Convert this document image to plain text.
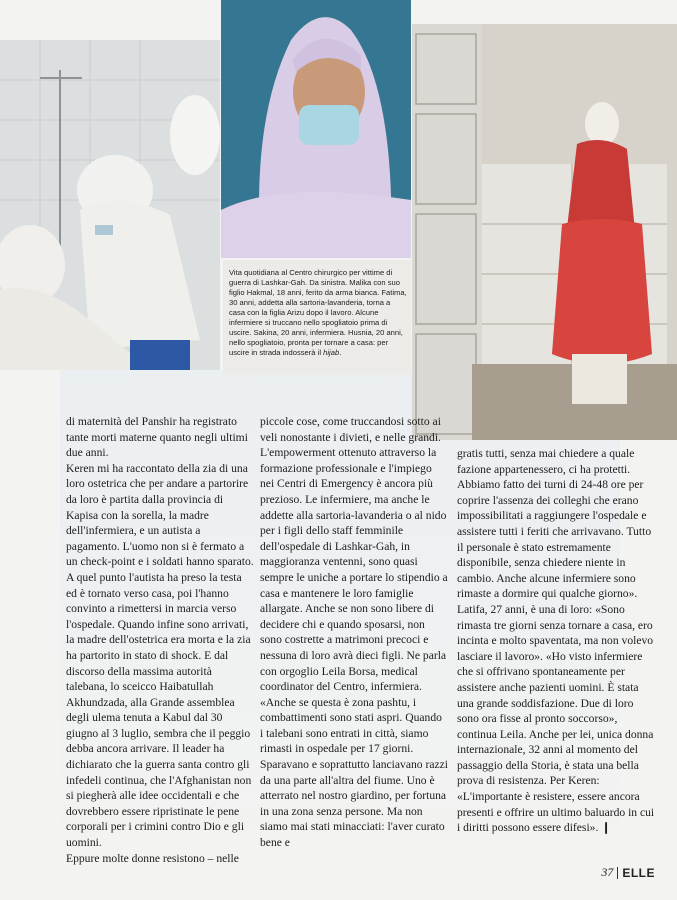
Vita quotidiana al Centro chirurgico per vittime di guerra di Lashkar-Gah. Da sinistra. Malika con suo figlio Hakmal, 18 anni, ferito da arma bianca. Fatima, 30 anni, addetta alla sartoria-lavanderia, torna a casa con la figlia Arizu dopo il lavoro. Alcune infermiere si truccano nello spogliatoio prima di uscire. Sakina, 20 anni, infermiera. Husnia, 20 anni, nello spogliatoio, pronta per tornare a casa: per uscire in strada indosserà il hijab.

di maternità del Panshir ha registrato tante morti materne quanto negli ultimi due anni.

Keren mi ha raccontato della zia di una loro ostetrica che per andare a partorire da loro è partita dalla provincia di Kapisa con la sorella, la madre dell'infermiera, e un autista a pagamento. L'uomo non si è fermato a un check-point e i soldati hanno sparato. A quel punto l'autista ha preso la testa ed è tornato verso casa, poi l'hanno convinto a rimettersi in marcia verso l'ospedale. Quando infine sono arrivati, la madre dell'ostetrica era morta e la zia ha partorito in stato di shock. E dal discorso della massima autorità talebana, lo sceicco Haibatullah Akhundzada, alla Grande assemblea degli ulema tenuta a Kabul dal 30 giugno al 3 luglio, sembra che il peggio debba ancora arrivare. Il leader ha dichiarato che la guerra santa contro gli infedeli continua, che l'Afghanistan non si piegherà alle idee occidentali e che dovrebbero essere ripristinate le pene corporali per i crimini contro Dio e gli uomini.

Eppure molte donne resistono – nelle

piccole cose, come truccandosi sotto ai veli nonostante i divieti, e nelle grandi.

L'empowerment ottenuto attraverso la formazione professionale e l'impiego nei Centri di Emergency è ancora più prezioso. Le infermiere, ma anche le addette alla sartoria-lavanderia o al nido per i figli dello staff femminile dell'ospedale di Lashkar-Gah, in maggioranza ventenni, sono quasi sempre le uniche a portare lo stipendio a casa e mantenere le loro famiglie allargate. Anche se non sono libere di decidere chi e quando sposarsi, non sono costrette a matrimoni precoci e nessuna di loro avrà dieci figli. Ne parla con orgoglio Leila Borsa, medical coordinator del Centro, infermiera. «Anche se questa è zona pashtu, i combattimenti sono stati aspri. Quando i talebani sono entrati in città, siamo rimasti in ospedale per 17 giorni. Sparavano e soprattutto lanciavano razzi da una parte all'altra del fiume. Uno è atterrato nel nostro giardino, per fortuna in una zona senza persone. Ma non siamo mai stati minacciati: l'aver curato bene e

gratis tutti, senza mai chiedere a quale fazione appartenessero, ci ha protetti. Abbiamo fatto dei turni di 24-48 ore per coprire l'assenza dei colleghi che erano impossibilitati a raggiungere l'ospedale e assistere tutti i feriti che arrivavano. Tutto il personale è stato estremamente disponibile, senza chiedere niente in cambio. Anche alcune infermiere sono rimaste a dormire qui qualche giorno». Latifa, 27 anni, è una di loro: «Sono rimasta tre giorni senza tornare a casa, ero incinta e molto spaventata, ma non volevo lasciare il lavoro». «Ho visto infermiere che si offrivano spontaneamente per assistere anche pazienti uomini. È stata una grande soddisfazione. Due di loro sono ora fisse al pronto soccorso», continua Leila. Anche per lei, unica donna internazionale, 32 anni al momento del passaggio della Storia, è stata una bella prova di resistenza. Per Keren: «L'importante è resistere, essere ancora presenti e offrire un ultimo baluardo in cui i diritti possono essere difesi». ❙

37 ELLE
